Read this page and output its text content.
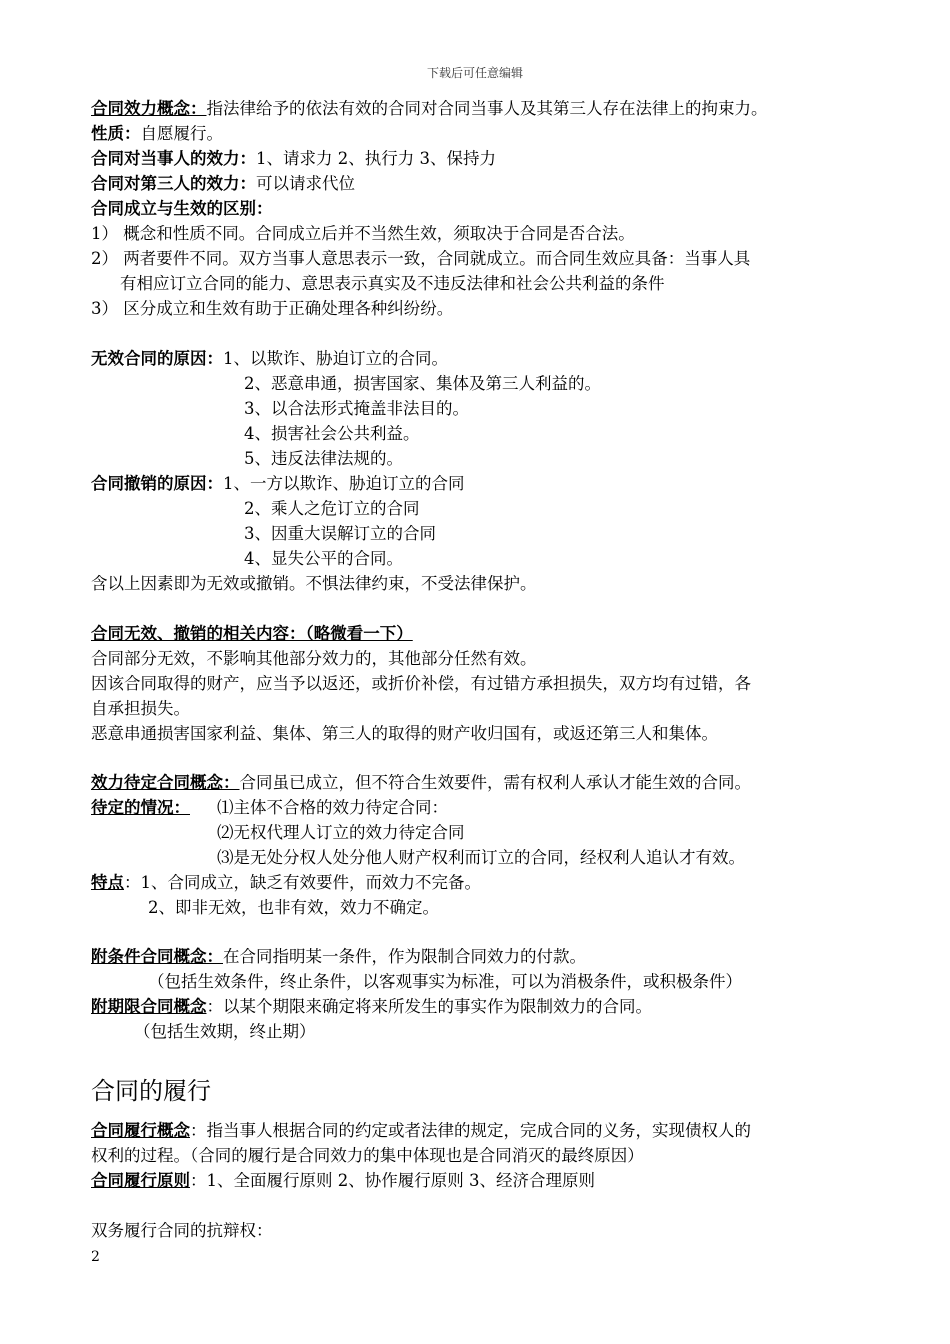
下载后可任意编辑
合同效力概念：指法律给予的依法有效的合同对合同当事人及其第三人存在法律上的拘束力。
性质：自愿履行。
合同对当事人的效力：1、请求力 2、执行力 3、保持力
合同对第三人的效力：可以请求代位
合同成立与生效的区别：
1） 概念和性质不同。合同成立后并不当然生效，须取决于合同是否合法。
2） 两者要件不同。双方当事人意思表示一致，合同就成立。而合同生效应具备：当事人具
有相应订立合同的能力、意思表示真实及不违反法律和社会公共利益的条件
3） 区分成立和生效有助于正确处理各种纠纷纷。
无效合同的原因：1、以欺诈、胁迫订立的合同。
2、恶意串通，损害国家、集体及第三人利益的。
3、以合法形式掩盖非法目的。
4、损害社会公共利益。
5、违反法律法规的。
合同撤销的原因：1、一方以欺诈、胁迫订立的合同
2、乘人之危订立的合同
3、因重大误解订立的合同
4、显失公平的合同。
含以上因素即为无效或撤销。不惧法律约束，不受法律保护。
合同无效、撤销的相关内容：（略微看一下）
合同部分无效，不影响其他部分效力的，其他部分任然有效。
因该合同取得的财产，应当予以返还，或折价补偿，有过错方承担损失，双方均有过错，各
自承担损失。
恶意串通损害国家利益、集体、第三人的取得的财产收归国有，或返还第三人和集体。
效力待定合同概念：合同虽已成立，但不符合生效要件，需有权利人承认才能生效的合同。
待定的情况： ⑴主体不合格的效力待定合同：
⑵无权代理人订立的效力待定合同
⑶是无处分权人处分他人财产权利而订立的合同，经权利人追认才有效。
特点：1、合同成立，缺乏有效要件，而效力不完备。
2、即非无效，也非有效，效力不确定。
附条件合同概念：在合同指明某一条件，作为限制合同效力的付款。
（包括生效条件，终止条件，以客观事实为标准，可以为消极条件，或积极条件）
附期限合同概念：以某个期限来确定将来所发生的事实作为限制效力的合同。
（包括生效期，终止期）
合同的履行
合同履行概念：指当事人根据合同的约定或者法律的规定，完成合同的义务，实现债权人的
权利的过程。（合同的履行是合同效力的集中体现也是合同消灭的最终原因）
合同履行原则：1、全面履行原则 2、协作履行原则 3、经济合理原则
双务履行合同的抗辩权：
2
